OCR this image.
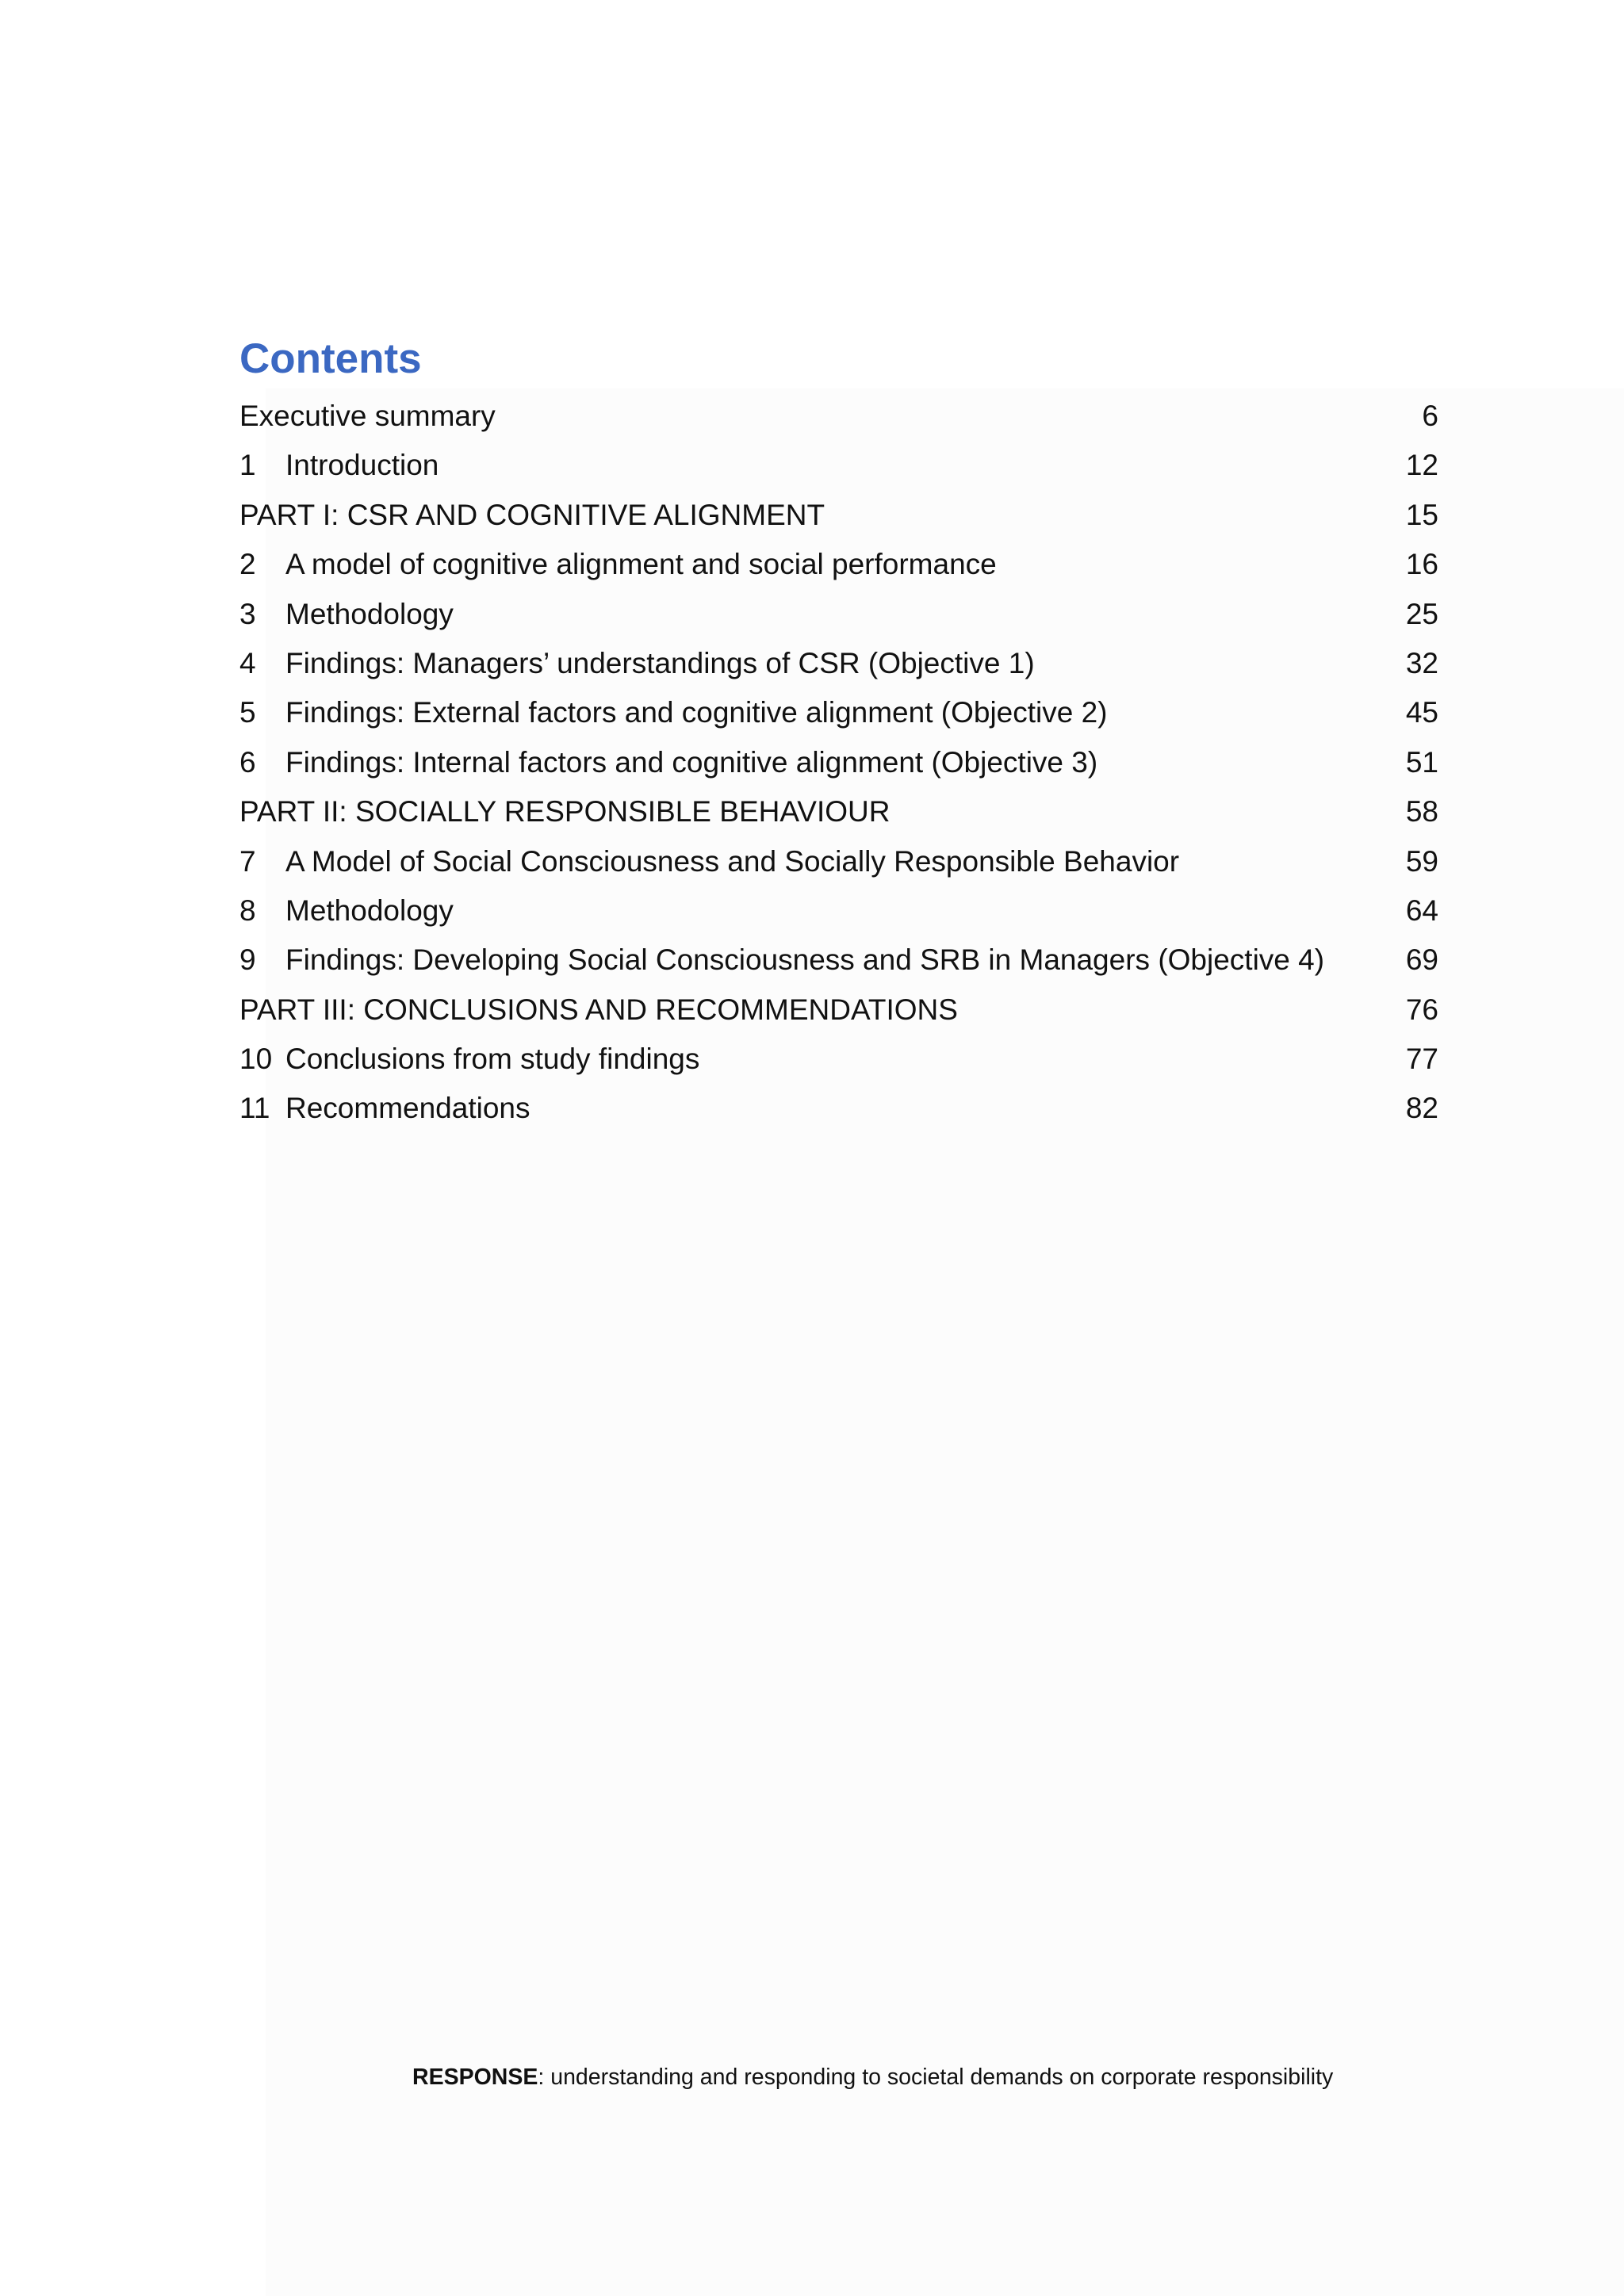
Contents
Executive summary	6
1 Introduction	12
PART I: CSR AND COGNITIVE ALIGNMENT	15
2 A model of cognitive alignment and social performance	16
3 Methodology	25
4 Findings: Managers’ understandings of CSR (Objective 1)	32
5 Findings: External factors and cognitive alignment (Objective 2)	45
6 Findings: Internal factors and cognitive alignment (Objective 3)	51
PART II: SOCIALLY RESPONSIBLE BEHAVIOUR	58
7 A Model of Social Consciousness and Socially Responsible Behavior	59
8 Methodology	64
9 Findings: Developing Social Consciousness and SRB in Managers (Objective 4)	69
PART III: CONCLUSIONS AND RECOMMENDATIONS	76
10 Conclusions from study findings	77
11 Recommendations	82
RESPONSE: understanding and responding to societal demands on corporate responsibility
